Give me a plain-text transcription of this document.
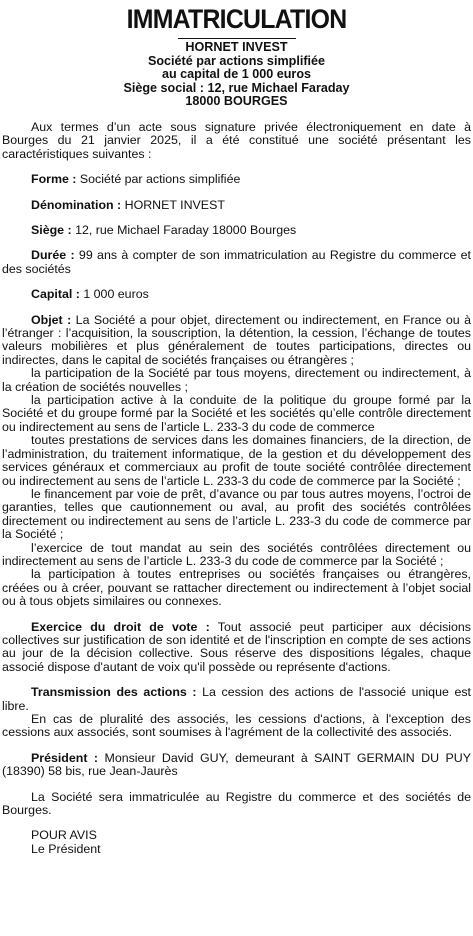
IMMATRICULATION
HORNET INVEST
Société par actions simplifiée
au capital de 1 000 euros
Siège social : 12, rue Michael Faraday
18000 BOURGES

Aux termes d’un acte sous signature privée électroniquement en date à Bourges du 21 janvier 2025, il a été constitué une société présentant les caractéristiques suivantes :

Forme : Société par actions simplifiée

Dénomination : HORNET INVEST

Siège : 12, rue Michael Faraday 18000 Bourges

Durée : 99 ans à compter de son immatriculation au Registre du commerce et des sociétés

Capital : 1 000 euros

Objet : La Société a pour objet, directement ou indirectement, en France ou à l’étranger : l’acquisition, la souscription, la détention, la cession, l’échange de toutes valeurs mobilières et plus généralement de toutes participations, directes ou indirectes, dans le capital de sociétés françaises ou étrangères ;

la participation de la Société par tous moyens, directement ou indirectement, à la création de sociétés nouvelles ;

la participation active à la conduite de la politique du groupe formé par la Société et du groupe formé par la Société et les sociétés qu’elle contrôle directement ou indirectement au sens de l’article L. 233-3 du code de commerce

toutes prestations de services dans les domaines financiers, de la direction, de l’administration, du traitement informatique, de la gestion et du développement des services généraux et commerciaux au profit de toute société contrôlée directement ou indirectement au sens de l’article L. 233-3 du code de commerce par la Société ;

le financement par voie de prêt, d’avance ou par tous autres moyens, l’octroi de garanties, telles que cautionnement ou aval, au profit des sociétés contrôlées directement ou indirectement au sens de l’article L. 233-3 du code de commerce par la Société ;

l’exercice de tout mandat au sein des sociétés contrôlées directement ou indirectement au sens de l’article L. 233-3 du code de commerce par la Société ;

la participation à toutes entreprises ou sociétés françaises ou étrangères, créées ou à créer, pouvant se rattacher directement ou indirectement à l’objet social ou à tous objets similaires ou connexes.

Exercice du droit de vote : Tout associé peut participer aux décisions collectives sur justification de son identité et de l'inscription en compte de ses actions au jour de la décision collective. Sous réserve des dispositions légales, chaque associé dispose d'autant de voix qu'il possède ou représente d'actions.

Transmission des actions : La cession des actions de l'associé unique est libre.

En cas de pluralité des associés, les cessions d'actions, à l'exception des cessions aux associés, sont soumises à l'agrément de la collectivité des associés.

Président : Monsieur David GUY, demeurant à SAINT GERMAIN DU PUY (18390) 58 bis, rue Jean-Jaurès

La Société sera immatriculée au Registre du commerce et des sociétés de Bourges.

POUR AVIS
Le Président
